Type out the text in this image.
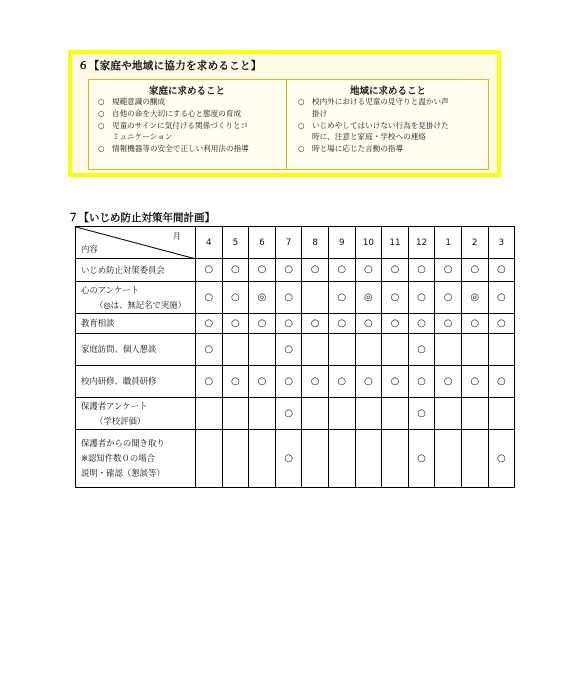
６【家庭や地域に協力を求めること】
家庭に求めること	地域に求めること
○ 規範意識の醸成
○ 自他の命を大切にする心と態度の育成
○ 児童のサインに気付ける関係づくりとコ
ミュニケーション
○ 情報機器等の安全で正しい利用法の指導
○ 校内外における児童の見守りと温かい声
掛け
○ いじめやしてはいけない行為を見掛けた
時に、注意と家庭・学校への連絡
○ 時と場に応じた言動の指導
７【いじめ防止対策年間計画】
月
内容	4	5	6	7	8	9	10	11	12	1	2	3

いじめ防止対策委員会	○	○	○	○	○	○	○	○	○	○	○	○

心のアンケート
（◎は、無記名で実施）	○	○	◎	○		○	◎	○	○	○	◎	○

教育相談	○	○	○	○	○	○	○	○	○	○	○	○

家庭訪問、個人懇談	○			○					○			

校内研修、職員研修	○	○	○	○	○	○	○	○	○	○	○	○

保護者アンケート
（学校評価）				○					○			

保護者からの聞き取り
※認知件数０の場合
説明・確認（懇談等）				○					○			○
